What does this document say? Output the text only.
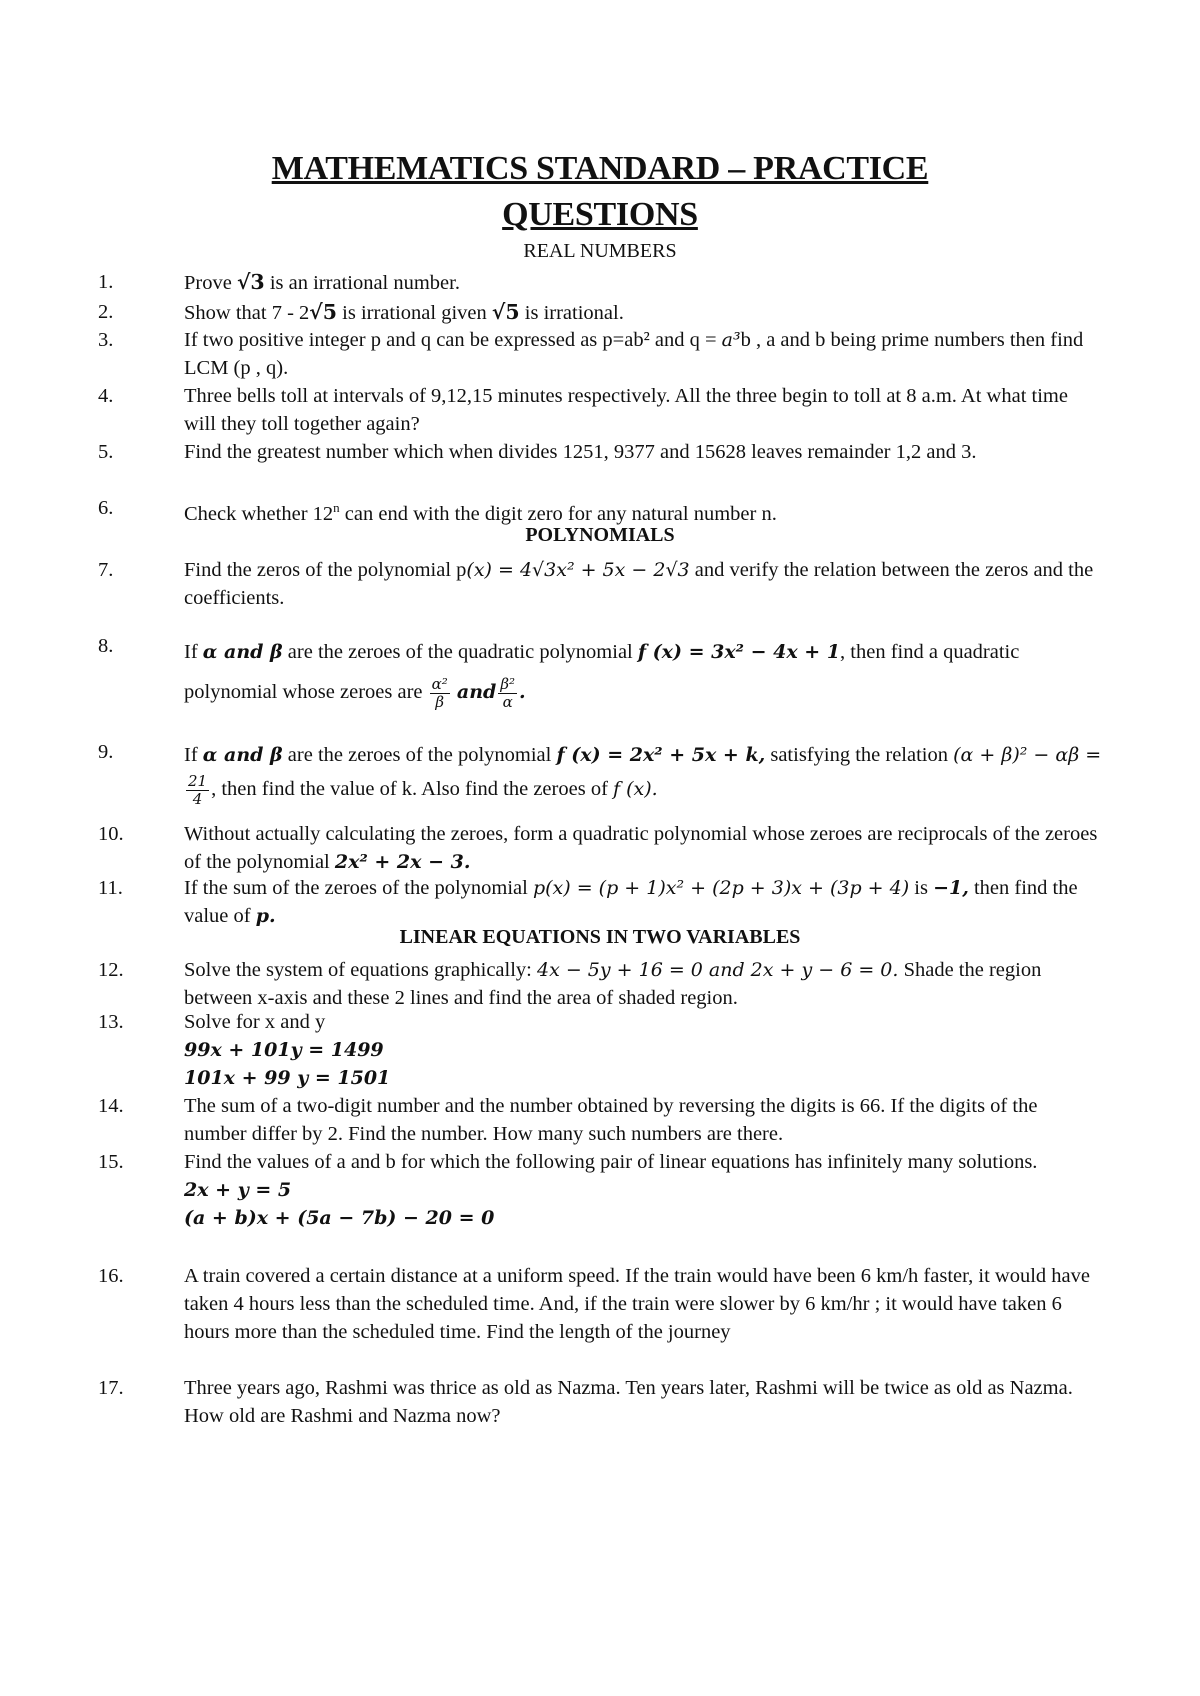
MATHEMATICS STANDARD – PRACTICE
QUESTIONS
REAL NUMBERS
1.	Prove √3 is an irrational number.
2.	Show that 7 - 2√5 is irrational given √5 is irrational.
3.	If two positive integer p and q can be expressed as p=ab² and q = a³b , a and b being prime numbers then find LCM (p , q).
4.	Three bells toll at intervals of 9,12,15 minutes respectively. All the three begin to toll at 8 a.m. At what time will they toll together again?
5.	Find the greatest number which when divides 1251, 9377 and 15628 leaves remainder 1,2 and 3.
6.	Check whether 12$^n$ can end with the digit zero for any natural number n.
POLYNOMIALS
7.	Find the zeros of the polynomial p(x) = 4√3x² + 5x − 2√3 and verify the relation between the zeros and the coefficients.
8.	If α and β are the zeroes of the quadratic polynomial f (x) = 3x² − 4x + 1, then find a quadratic polynomial whose zeroes are $\frac{\text{α²}}{\beta}$ and $\frac{\text{β²}}{\alpha}$ .
9.	If α and β are the zeroes of the polynomial f (x) = 2x² + 5x + k, satisfying the relation (α + β)² − αβ =
$\frac{21}{4}$ , then find the value of k. Also find the zeroes of f (x).
10.	Without actually calculating the zeroes, form a quadratic polynomial whose zeroes are reciprocals of the zeroes of the polynomial 2x² + 2x − 3.
11.	If the sum of the zeroes of the polynomial p(x) = (p + 1)x² + (2p + 3)x + (3p + 4) is −1, then find the value of p.
LINEAR EQUATIONS IN TWO VARIABLES
12.	Solve the system of equations graphically: 4x − 5y + 16 = 0 and 2x + y − 6 = 0. Shade the region between x-axis and these 2 lines and find the area of shaded region.
13.	Solve for x and y
99x + 101y = 1499
101x + 99 y = 1501
14.	The sum of a two-digit number and the number obtained by reversing the digits is 66. If the digits of the number differ by 2. Find the number. How many such numbers are there.
15.	Find the values of a and b for which the following pair of linear equations has infinitely many solutions.
2x + y = 5
(a + b)x + (5a − 7b) − 20 = 0
16.	A train covered a certain distance at a uniform speed. If the train would have been 6 km/h faster, it would have taken 4 hours less than the scheduled time. And, if the train were slower by 6 km/hr ; it would have taken 6 hours more than the scheduled time. Find the length of the journey
17.	Three years ago, Rashmi was thrice as old as Nazma. Ten years later, Rashmi will be twice as old as Nazma. How old are Rashmi and Nazma now?
